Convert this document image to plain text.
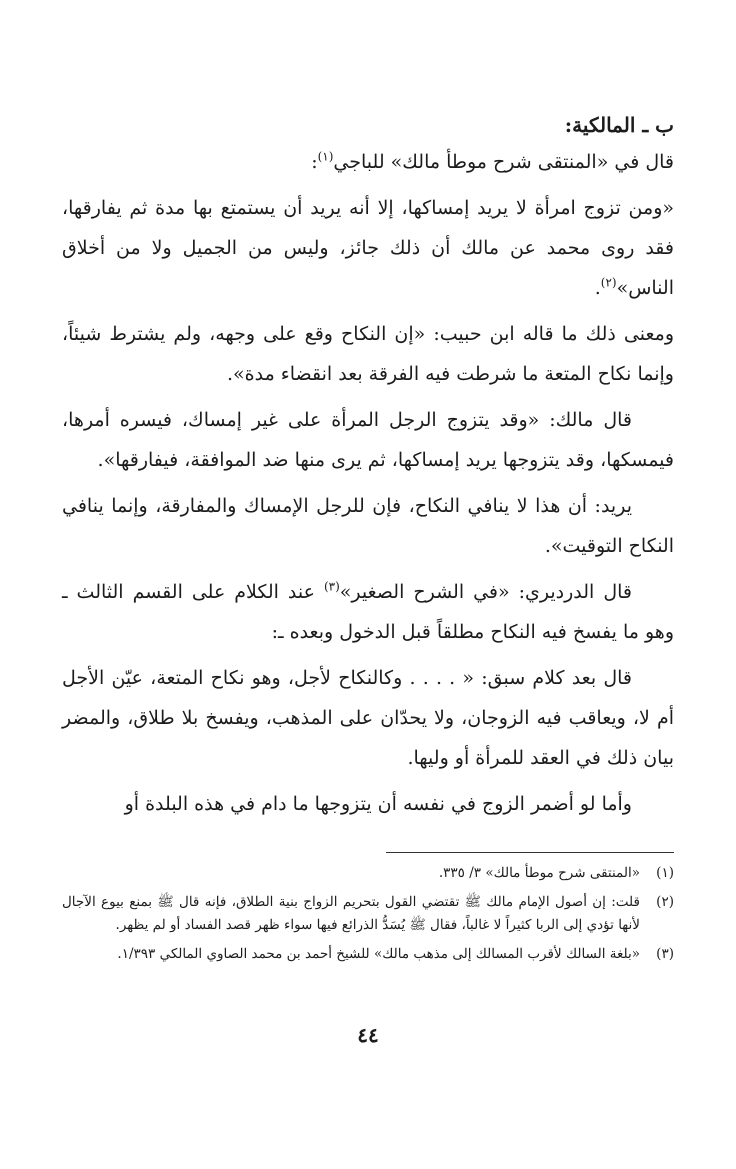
ب ـ المالكية:

قال في «المنتقى شرح موطأ مالك» للباجي$^{(١)}$:

«ومن تزوج امرأة لا يريد إمساكها، إلا أنه يريد أن يستمتع بها مدة ثم يفارقها، فقد روى محمد عن مالك أن ذلك جائز، وليس من الجميل ولا من أخلاق الناس»$^{(٢)}$.

ومعنى ذلك ما قاله ابن حبيب: «إن النكاح وقع على وجهه، ولم يشترط شيئاً، وإنما نكاح المتعة ما شرطت فيه الفرقة بعد انقضاء مدة».

قال مالك: «وقد يتزوج الرجل المرأة على غير إمساك، فيسره أمرها، فيمسكها، وقد يتزوجها يريد إمساكها، ثم يرى منها ضد الموافقة، فيفارقها».

يريد: أن هذا لا ينافي النكاح، فإن للرجل الإمساك والمفارقة، وإنما ينافي النكاح التوقيت».

قال الدرديري: «في الشرح الصغير»$^{(٣)}$ عند الكلام على القسم الثالث ـ وهو ما يفسخ فيه النكاح مطلقاً قبل الدخول وبعده ـ:

قال بعد كلام سبق: « . . . . وكالنكاح لأجل، وهو نكاح المتعة، عيّن الأجل أم لا، ويعاقب فيه الزوجان، ولا يحدّان على المذهب، ويفسخ بلا طلاق، والمضر بيان ذلك في العقد للمرأة أو وليها.

وأما لو أضمر الزوج في نفسه أن يتزوجها ما دام في هذه البلدة أو

(١)
«المنتقى شرح موطأ مالك» ٣/ ٣٣٥.
(٢)
قلت: إن أصول الإمام مالك ﷺ تقتضي القول بتحريم الزواج بنية الطلاق، فإنه قال ﷺ بمنع بيوع الآجال لأنها تؤدي إلى الربا كثيراً لا غالباً، فقال ﷺ يُسَدُّ الذرائع فيها سواء ظهر قصد الفساد أو لم يظهر.
(٣)
«بلغة السالك لأقرب المسالك إلى مذهب مالك» للشيخ أحمد بن محمد الصاوي المالكي ١/٣٩٣.
٤٤
